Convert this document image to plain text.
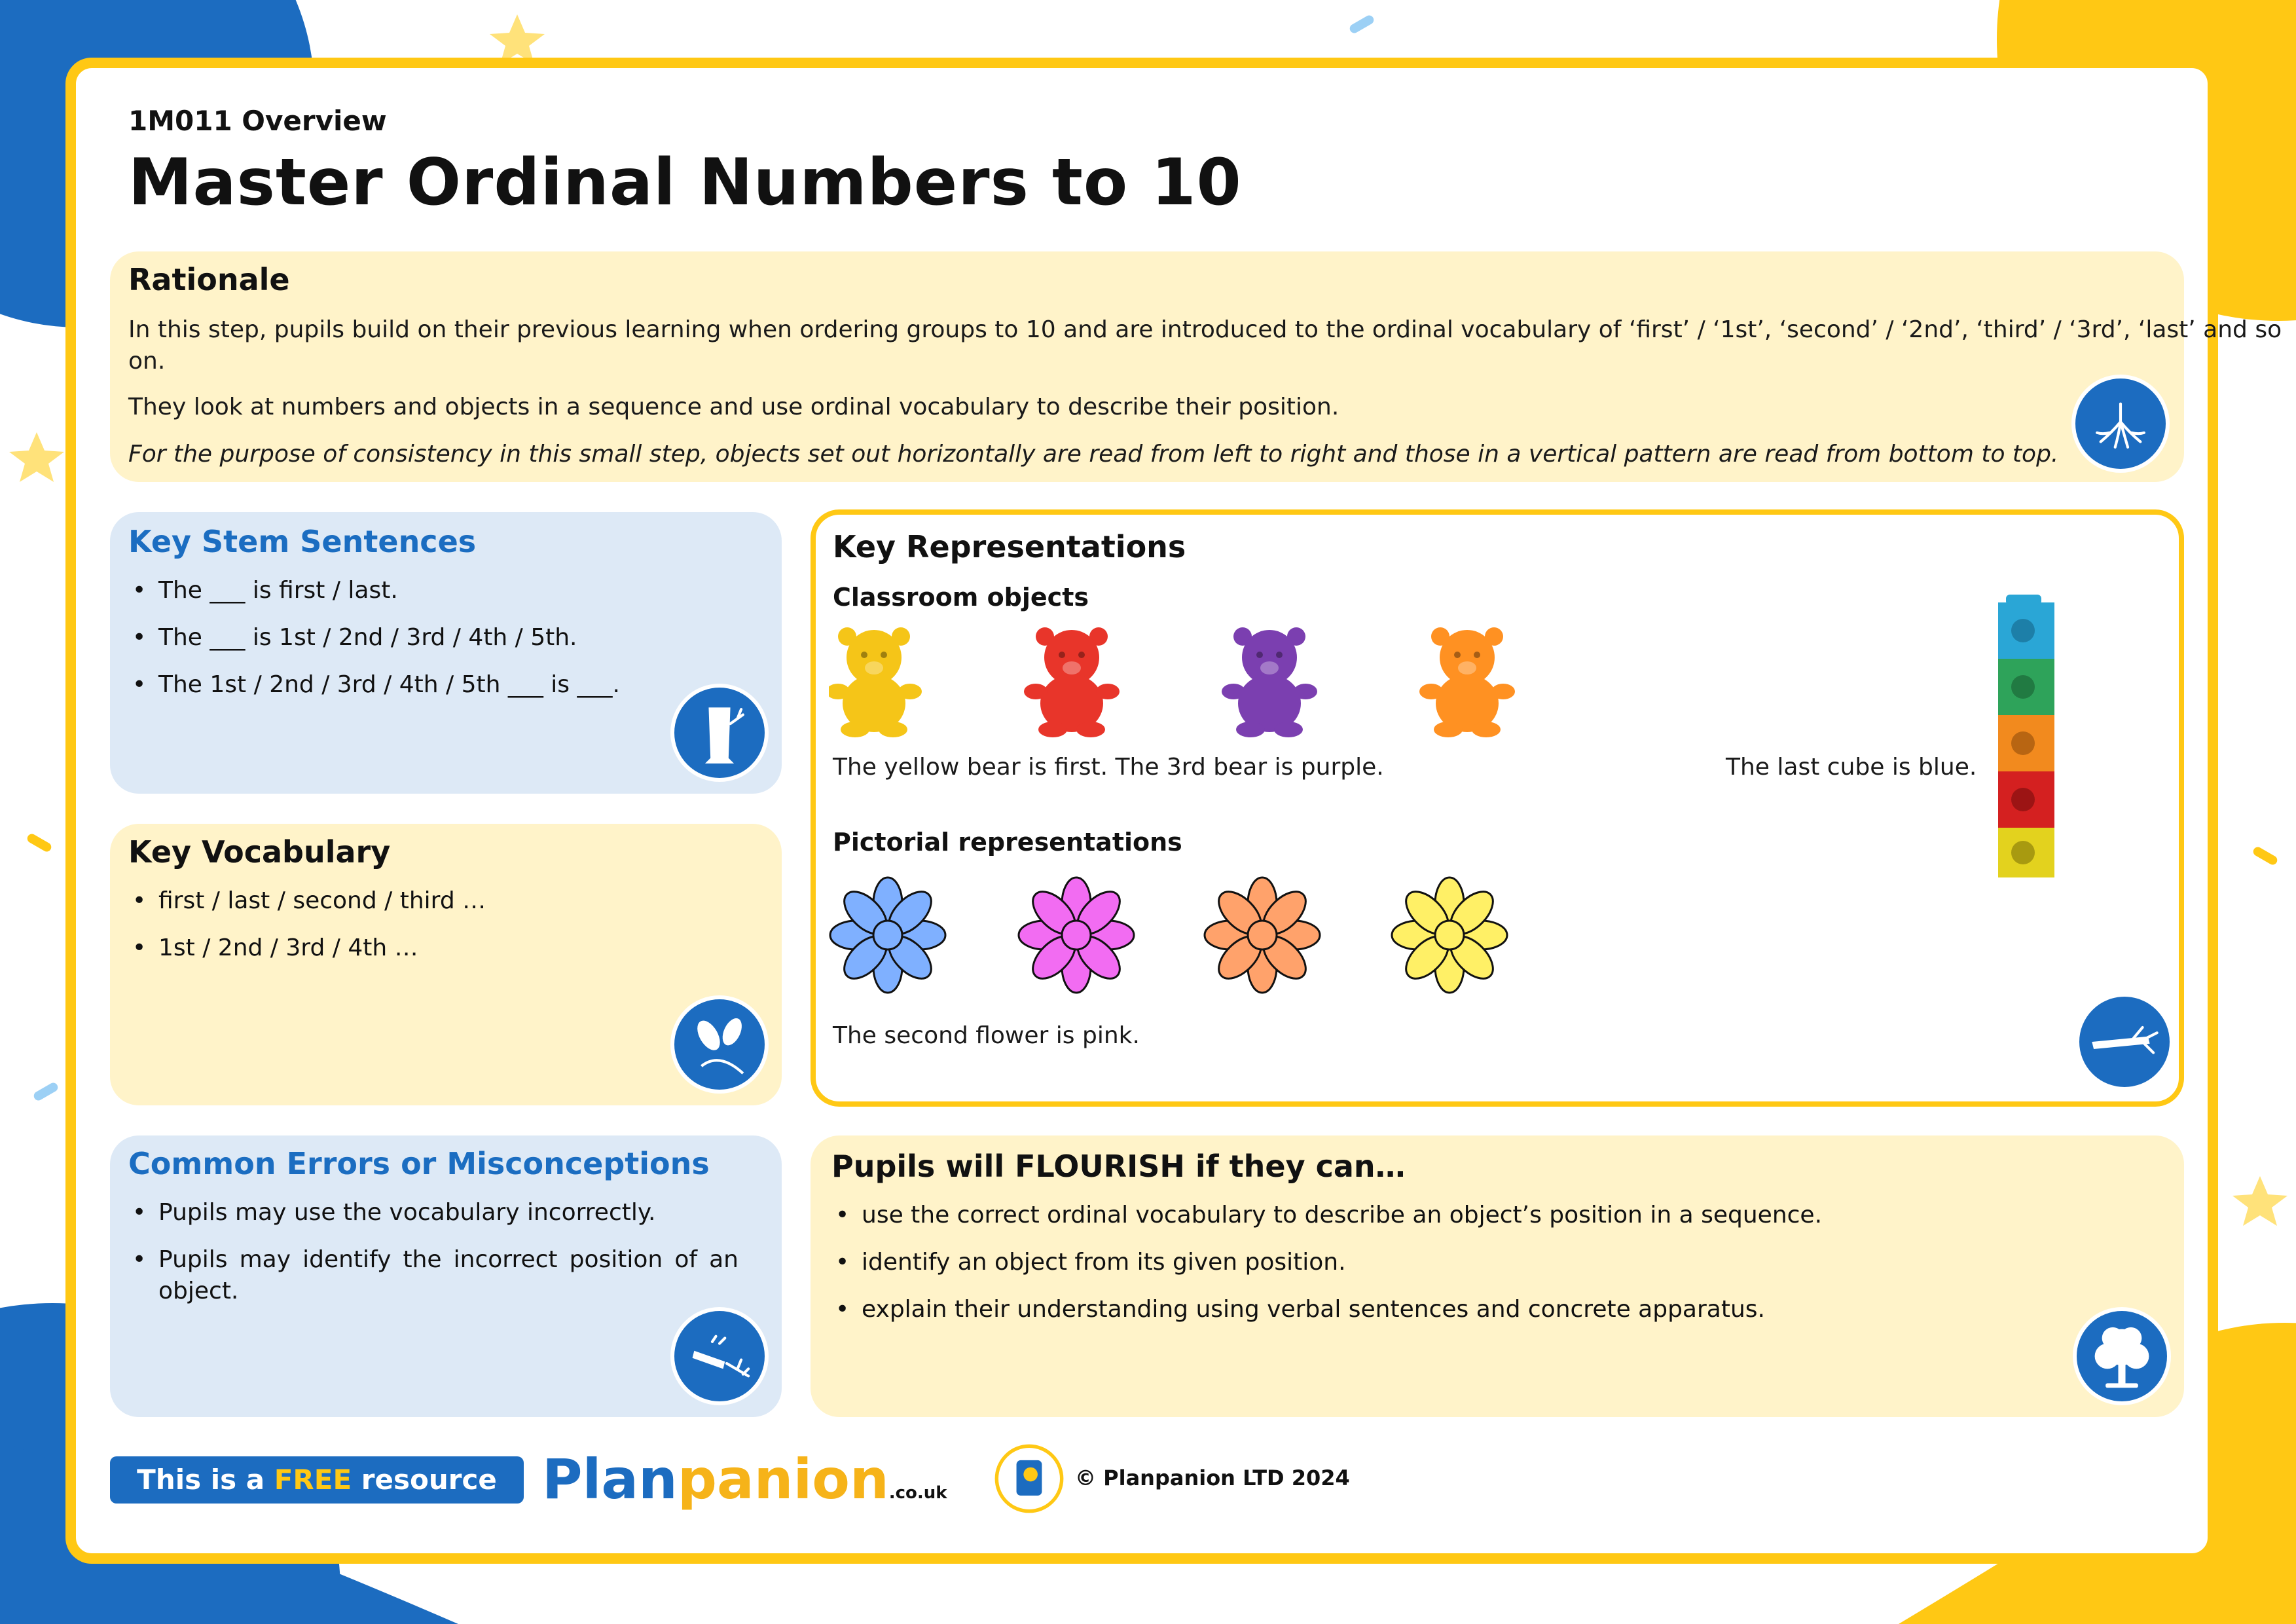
1M011 Overview
Master Ordinal Numbers to 10
Rationale
In this step, pupils build on their previous learning when ordering groups to 10 and are introduced to the ordinal vocabulary of ‘first’ / ‘1st’, ‘second’ / ‘2nd’, ‘third’ / ‘3rd’, ‘last’ and so
on.
They look at numbers and objects in a sequence and use ordinal vocabulary to describe their position.
For the purpose of consistency in this small step, objects set out horizontally are read from left to right and those in a vertical pattern are read from bottom to top.
Key Stem Sentences
• The ___ is first / last.
• The ___ is 1st / 2nd / 3rd / 4th / 5th.
• The 1st / 2nd / 3rd / 4th / 5th ___ is ___.
Key Vocabulary
• first / last / second / third …
• 1st / 2nd / 3rd / 4th …
Common Errors or Misconceptions
• Pupils may use the vocabulary incorrectly.
• Pupils may identify the incorrect position of an object.
Key Representations
Classroom objects
The yellow bear is first. The 3rd bear is purple.	The last cube is blue.
Pictorial representations
The second flower is pink.
Pupils will FLOURISH if they can…
• use the correct ordinal vocabulary to describe an object’s position in a sequence.
• identify an object from its given position.
• explain their understanding using verbal sentences and concrete apparatus.
This is a FREE resource from
Planpanion.co.uk
© Planpanion LTD 2024
